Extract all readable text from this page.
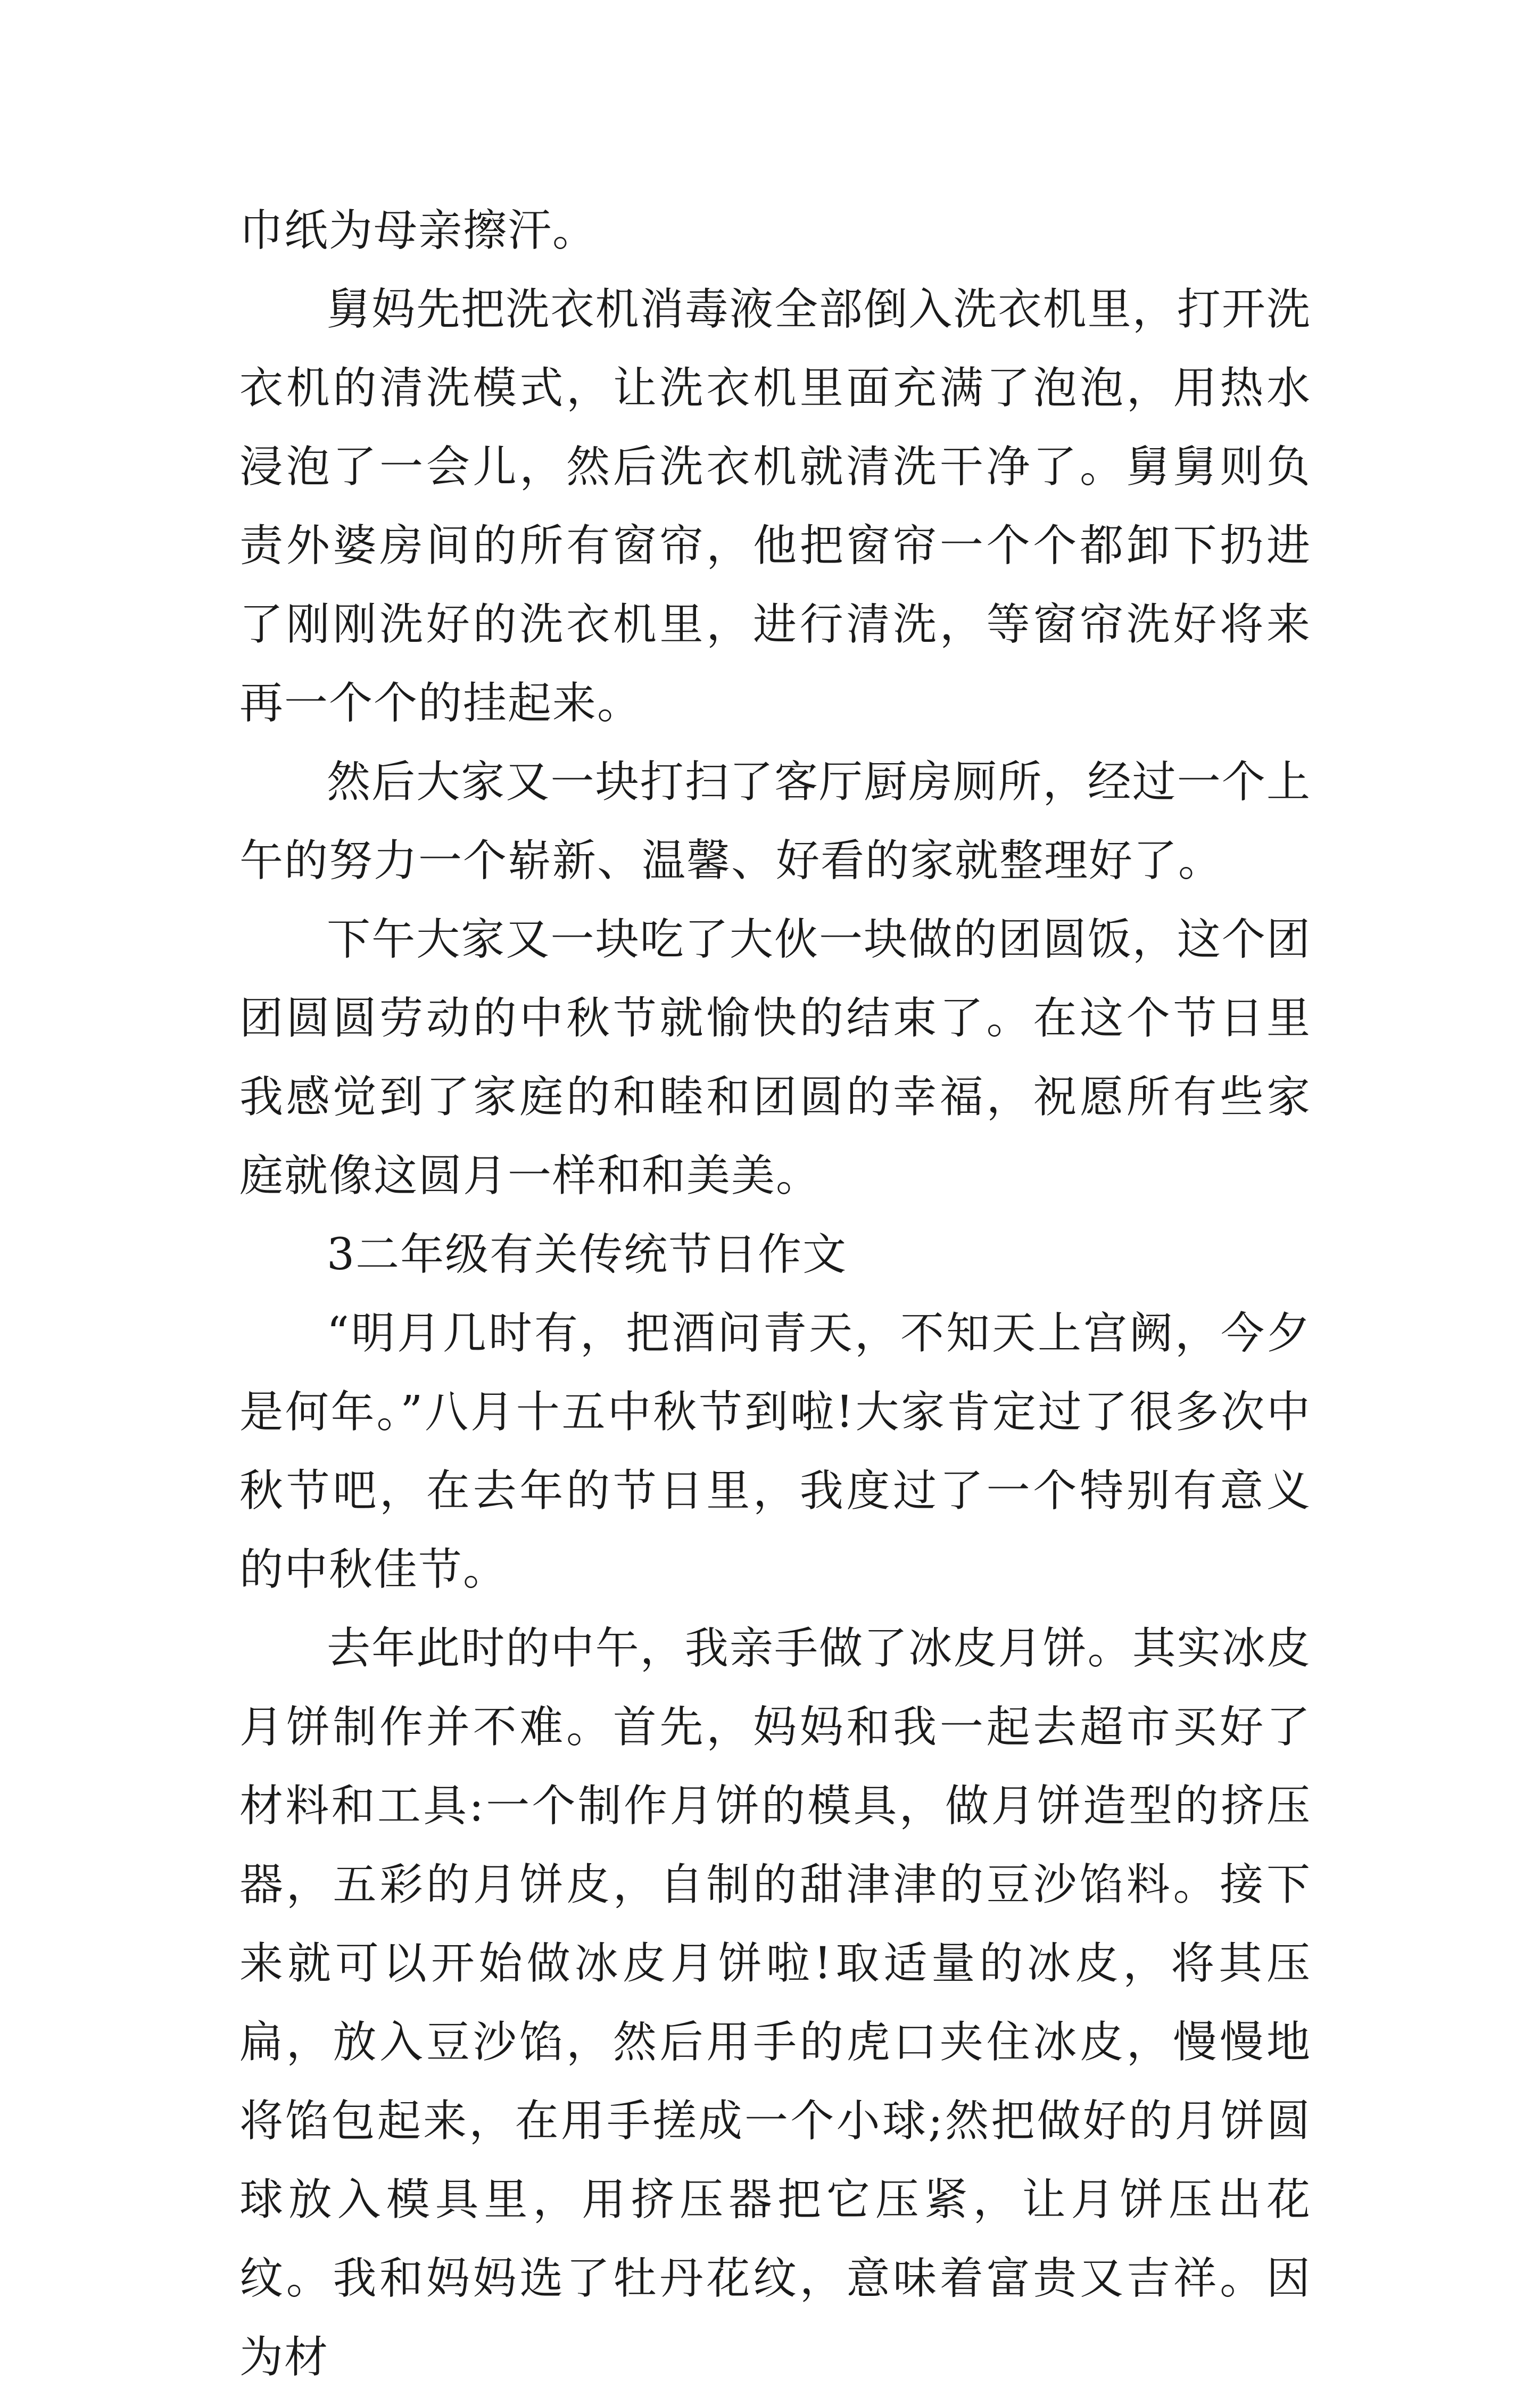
巾纸为母亲擦汗。

舅妈先把洗衣机消毒液全部倒入洗衣机里，打开洗衣机的清洗模式，让洗衣机里面充满了泡泡，用热水浸泡了一会儿，然后洗衣机就清洗干净了。舅舅则负责外婆房间的所有窗帘，他把窗帘一个个都卸下扔进了刚刚洗好的洗衣机里，进行清洗，等窗帘洗好将来再一个个的挂起来。

然后大家又一块打扫了客厅厨房厕所，经过一个上午的努力一个崭新、温馨、好看的家就整理好了。

下午大家又一块吃了大伙一块做的团圆饭，这个团团圆圆劳动的中秋节就愉快的结束了。在这个节日里我感觉到了家庭的和睦和团圆的幸福，祝愿所有些家庭就像这圆月一样和和美美。

3二年级有关传统节日作文

“明月几时有，把酒问青天，不知天上宫阙，今夕是何年。”八月十五中秋节到啦!大家肯定过了很多次中秋节吧，在去年的节日里，我度过了一个特别有意义的中秋佳节。

去年此时的中午，我亲手做了冰皮月饼。其实冰皮月饼制作并不难。首先，妈妈和我一起去超市买好了材料和工具:一个制作月饼的模具，做月饼造型的挤压器，五彩的月饼皮，自制的甜津津的豆沙馅料。接下来就可以开始做冰皮月饼啦!取适量的冰皮，将其压扁，放入豆沙馅，然后用手的虎口夹住冰皮，慢慢地将馅包起来，在用手搓成一个小球;然把做好的月饼圆球放入模具里，用挤压器把它压紧，让月饼压出花纹。我和妈妈选了牡丹花纹，意味着富贵又吉祥。因为材
